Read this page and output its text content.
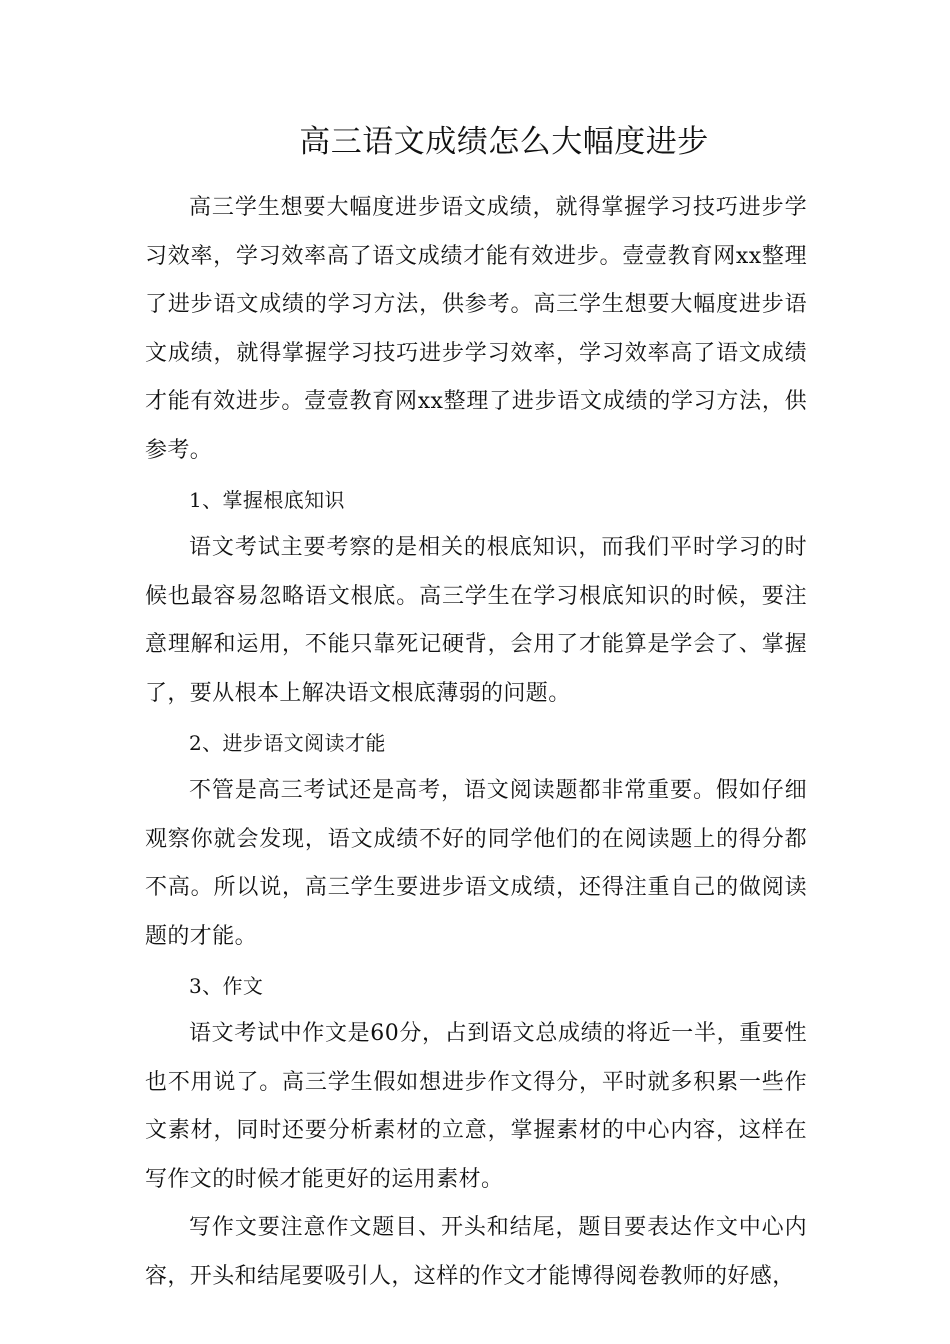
高三语文成绩怎么大幅度进步

高三学生想要大幅度进步语文成绩，就得掌握学习技巧进步学习效率，学习效率高了语文成绩才能有效进步。壹壹教育网xx整理了进步语文成绩的学习方法，供参考。高三学生想要大幅度进步语文成绩，就得掌握学习技巧进步学习效率，学习效率高了语文成绩才能有效进步。壹壹教育网xx整理了进步语文成绩的学习方法，供参考。

1、掌握根底知识

语文考试主要考察的是相关的根底知识，而我们平时学习的时候也最容易忽略语文根底。高三学生在学习根底知识的时候，要注意理解和运用，不能只靠死记硬背，会用了才能算是学会了、掌握了，要从根本上解决语文根底薄弱的问题。

2、进步语文阅读才能

不管是高三考试还是高考，语文阅读题都非常重要。假如仔细观察你就会发现，语文成绩不好的同学他们的在阅读题上的得分都不高。所以说，高三学生要进步语文成绩，还得注重自己的做阅读题的才能。

3、作文

语文考试中作文是60分，占到语文总成绩的将近一半，重要性也不用说了。高三学生假如想进步作文得分，平时就多积累一些作文素材，同时还要分析素材的立意，掌握素材的中心内容，这样在写作文的时候才能更好的运用素材。

写作文要注意作文题目、开头和结尾，题目要表达作文中心内容，开头和结尾要吸引人，这样的作文才能博得阅卷教师的好感，
